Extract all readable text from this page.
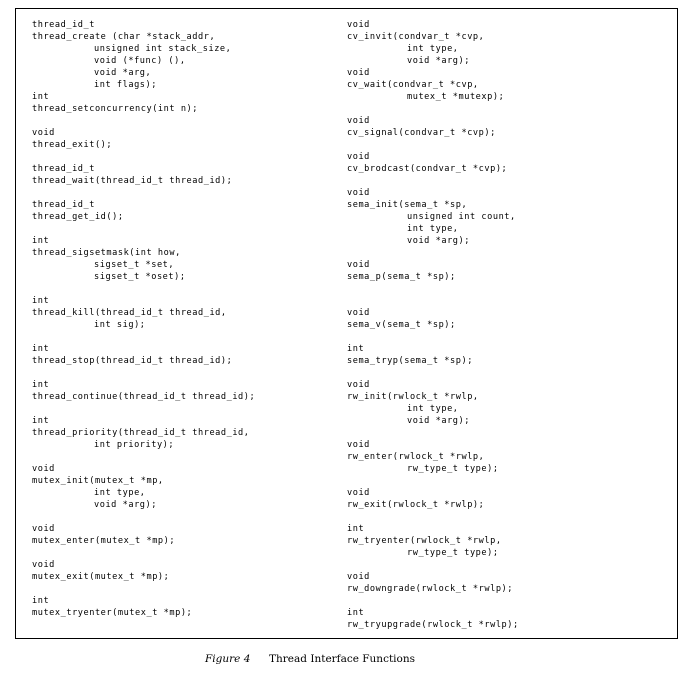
thread_id_t
thread_create (char *stack_addr,
unsigned int stack_size,
void (*func) (),
void *arg,
int flags);
int
thread_setconcurrency(int n);
void
thread_exit();
thread_id_t
thread_wait(thread_id_t thread_id);
thread_id_t
thread_get_id();
int
thread_sigsetmask(int how,
sigset_t *set,
sigset_t *oset);
int
thread_kill(thread_id_t thread_id,
int sig);
int
thread_stop(thread_id_t thread_id);
int
thread_continue(thread_id_t thread_id);
int
thread_priority(thread_id_t thread_id,
int priority);
void
mutex_init(mutex_t *mp,
int type,
void *arg);
void
mutex_enter(mutex_t *mp);
void
mutex_exit(mutex_t *mp);
int
mutex_tryenter(mutex_t *mp);
void
cv_invit(condvar_t *cvp,
int type,
void *arg);
void
cv_wait(condvar_t *cvp,
mutex_t *mutexp);
void
cv_signal(condvar_t *cvp);
void
cv_brodcast(condvar_t *cvp);
void
sema_init(sema_t *sp,
unsigned int count,
int type,
void *arg);
void
sema_p(sema_t *sp);
void
sema_v(sema_t *sp);
int
sema_tryp(sema_t *sp);
void
rw_init(rwlock_t *rwlp,
int type,
void *arg);
void
rw_enter(rwlock_t *rwlp,
rw_type_t type);
void
rw_exit(rwlock_t *rwlp);
int
rw_tryenter(rwlock_t *rwlp,
rw_type_t type);
void
rw_downgrade(rwlock_t *rwlp);
int
rw_tryupgrade(rwlock_t *rwlp);
Figure 4 Thread Interface Functions
